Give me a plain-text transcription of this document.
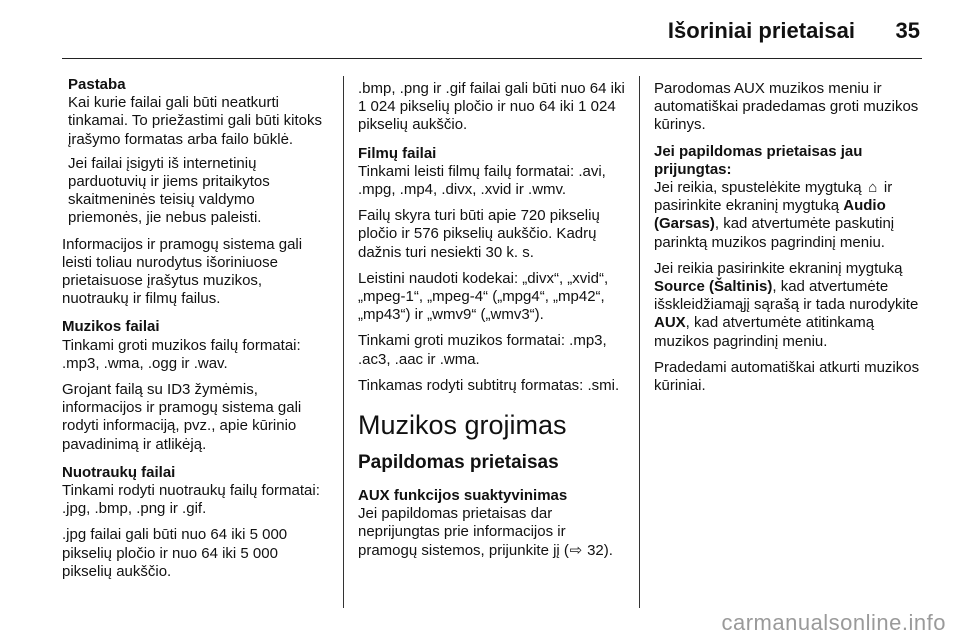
Išoriniai prietaisai 35
Pastaba

Kai kurie failai gali būti neatkurti tinkamai. To priežastimi gali būti kitoks įrašymo formatas arba failo būklė.

Jei failai įsigyti iš internetinių parduotuvių ir jiems pritaikytos skaitmeninės teisių valdymo priemonės, jie nebus paleisti.

Informacijos ir pramogų sistema gali leisti toliau nurodytus išoriniuose prietaisuose įrašytus muzikos, nuotraukų ir filmų failus.

Muzikos failai

Tinkami groti muzikos failų formatai: .mp3, .wma, .ogg ir .wav.

Grojant failą su ID3 žymėmis, informacijos ir pramogų sistema gali rodyti informaciją, pvz., apie kūrinio pavadinimą ir atlikėją.

Nuotraukų failai

Tinkami rodyti nuotraukų failų formatai: .jpg, .bmp, .png ir .gif.

.jpg failai gali būti nuo 64 iki 5 000 pikselių pločio ir nuo 64 iki 5 000 pikselių aukščio.

.bmp, .png ir .gif failai gali būti nuo 64 iki 1 024 pikselių pločio ir nuo 64 iki 1 024 pikselių aukščio.

Filmų failai

Tinkami leisti filmų failų formatai: .avi, .mpg, .mp4, .divx, .xvid ir .wmv.

Failų skyra turi būti apie 720 pikselių pločio ir 576 pikselių aukščio. Kadrų dažnis turi nesiekti 30 k. s.

Leistini naudoti kodekai: „divx“, „xvid“, „mpeg-1“, „mpeg-4“ („mpg4“, „mp42“, „mp43“) ir „wmv9“ („wmv3“).

Tinkami groti muzikos formatai: .mp3, .ac3, .aac ir .wma.

Tinkamas rodyti subtitrų formatas: .smi.

Muzikos grojimas
Papildomas prietaisas
AUX funkcijos suaktyvinimas

Jei papildomas prietaisas dar neprijungtas prie informacijos ir pramogų sistemos, prijunkite jį (⇨ 32).

Parodomas AUX muzikos meniu ir automatiškai pradedamas groti muzikos kūrinys.

Jei papildomas prietaisas jau prijungtas:

Jei reikia, spustelėkite mygtuką ⌂ ir pasirinkite ekraninį mygtuką Audio (Garsas), kad atvertumėte paskutinį parinktą muzikos pagrindinį meniu.

Jei reikia pasirinkite ekraninį mygtuką Source (Šaltinis), kad atvertumėte išskleidžiamąjį sąrašą ir tada nurodykite AUX, kad atvertumėte atitinkamą muzikos pagrindinį meniu.

Pradedami automatiškai atkurti muzikos kūriniai.

carmanualsonline.info
